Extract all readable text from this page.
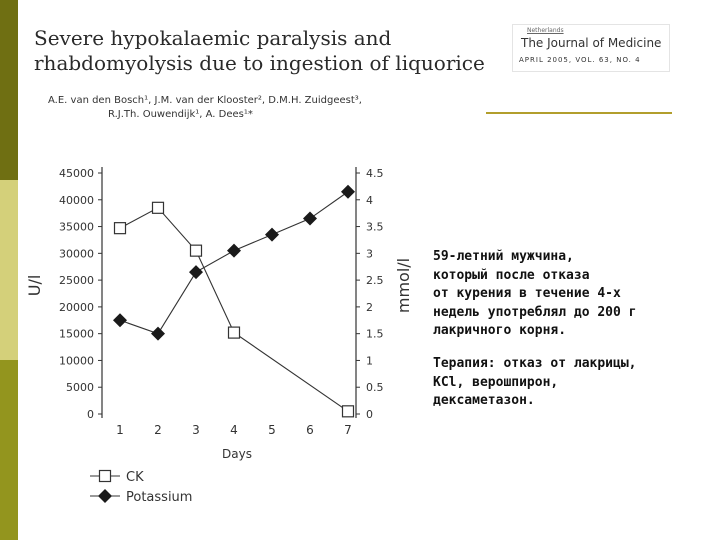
Severe hypokalaemic paralysis and
rhabdomyolysis due to ingestion of liquorice
A.E. van den Bosch¹, J.M. van der Klooster², D.M.H. Zuidgeest³,
R.J.Th. Ouwendijk¹, A. Dees¹*
Netherlands
The Journal of Medicine
APRIL 2005, VOL. 63, NO. 4
0
5000
10000
15000
20000
25000
30000
35000
40000
45000
0
0.5
1
1.5
2
2.5
3
3.5
4
4.5
1	2	3	4	5	6	7
Days
U/l	mmol/l
CK
Potassium

59-летний мужчина,
который после отказа
от курения в течение 4-х
недель употреблял до 200 г
лакричного корня.

Терапия: отказ от лакрицы,
KCl, верошпирон,
дексаметазон.
